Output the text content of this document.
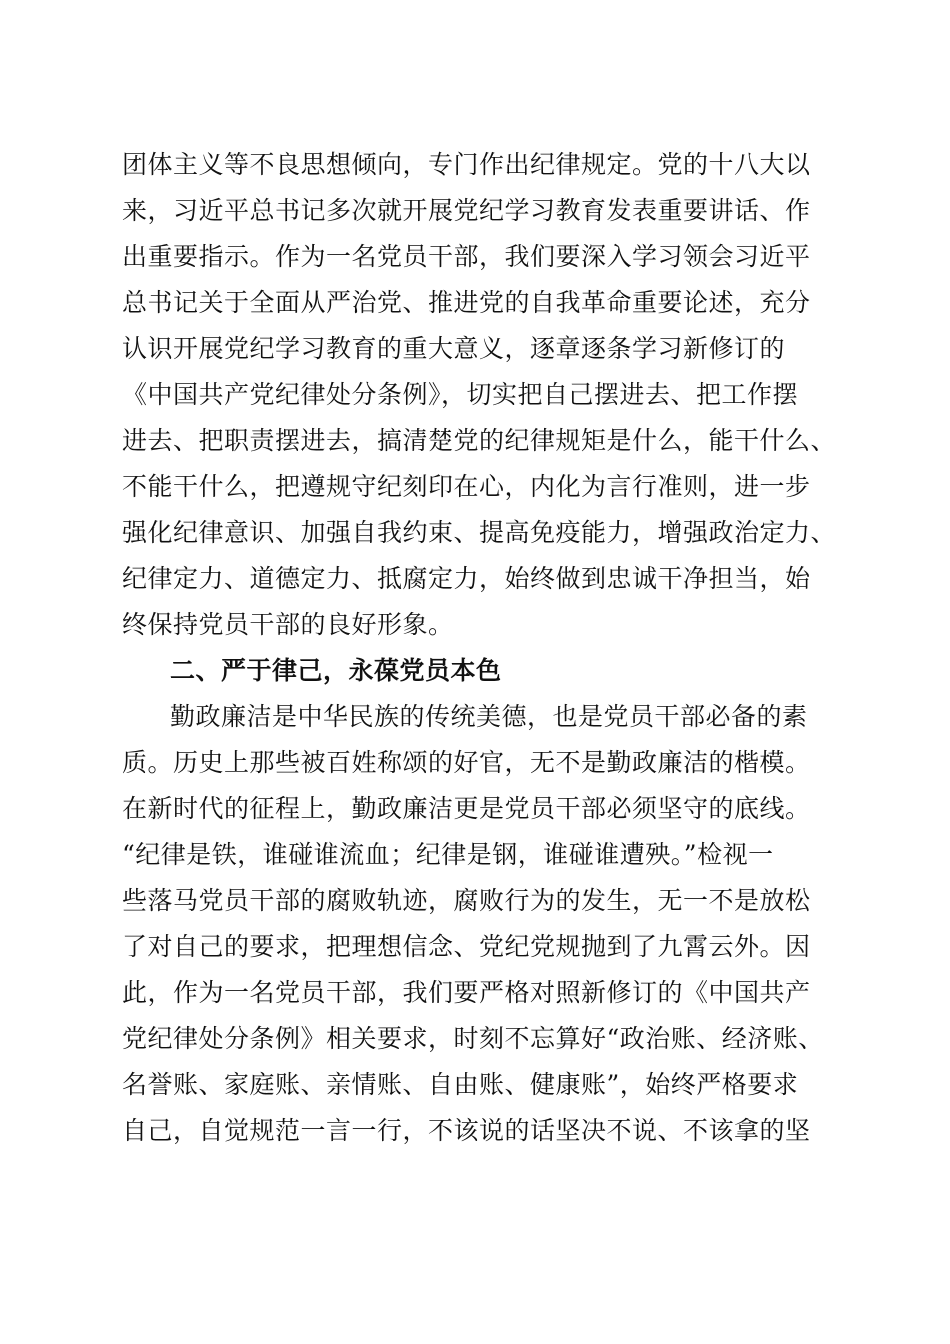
团体主义等不良思想倾向，专门作出纪律规定。党的十八大以
来，习近平总书记多次就开展党纪学习教育发表重要讲话、作
出重要指示。作为一名党员干部，我们要深入学习领会习近平
总书记关于全面从严治党、推进党的自我革命重要论述，充分
认识开展党纪学习教育的重大意义，逐章逐条学习新修订的
《中国共产党纪律处分条例》，切实把自己摆进去、把工作摆
进去、把职责摆进去，搞清楚党的纪律规矩是什么，能干什么、
不能干什么，把遵规守纪刻印在心，内化为言行准则，进一步
强化纪律意识、加强自我约束、提高免疫能力，增强政治定力、
纪律定力、道德定力、抵腐定力，始终做到忠诚干净担当，始
终保持党员干部的良好形象。
二、严于律己，永葆党员本色
勤政廉洁是中华民族的传统美德，也是党员干部必备的素
质。历史上那些被百姓称颂的好官，无不是勤政廉洁的楷模。
在新时代的征程上，勤政廉洁更是党员干部必须坚守的底线。
“纪律是铁，谁碰谁流血；纪律是钢，谁碰谁遭殃。”检视一
些落马党员干部的腐败轨迹，腐败行为的发生，无一不是放松
了对自己的要求，把理想信念、党纪党规抛到了九霄云外。因
此，作为一名党员干部，我们要严格对照新修订的《中国共产
党纪律处分条例》相关要求，时刻不忘算好“政治账、经济账、
名誉账、家庭账、亲情账、自由账、健康账”，始终严格要求
自己，自觉规范一言一行，不该说的话坚决不说、不该拿的坚
